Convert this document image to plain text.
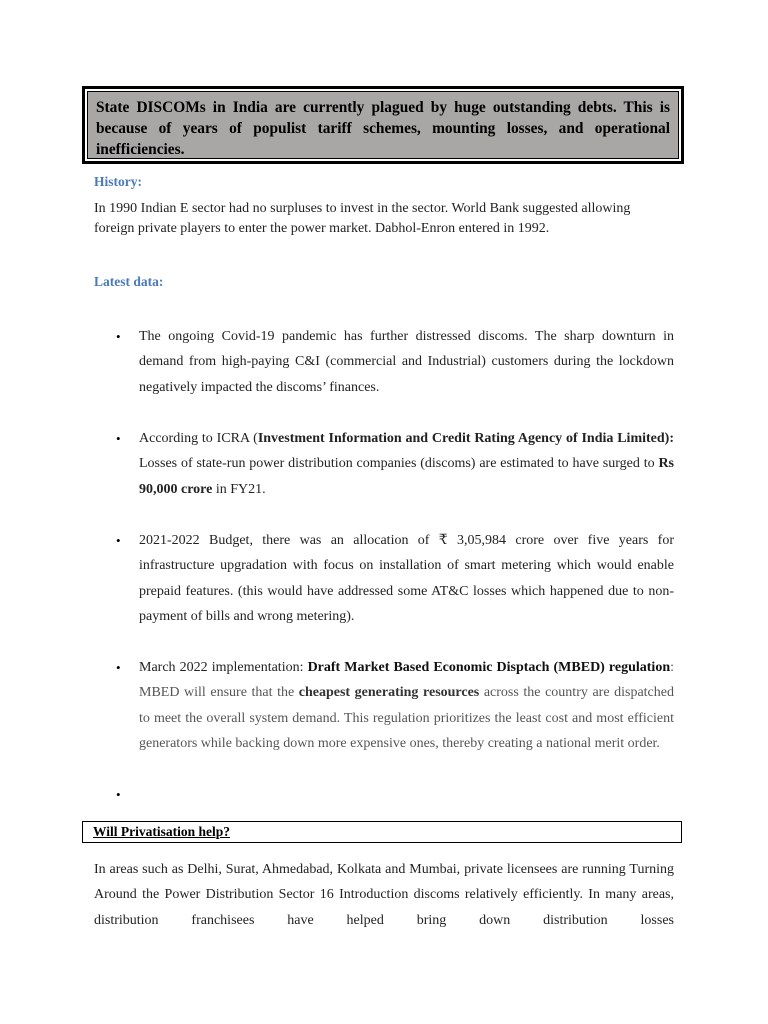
State DISCOMs in India are currently plagued by huge outstanding debts. This is because of years of populist tariff schemes, mounting losses, and operational inefficiencies.

History:

In 1990 Indian E sector had no surpluses to invest in the sector. World Bank suggested allowing foreign private players to enter the power market. Dabhol-Enron entered in 1992.

Latest data:

• The ongoing Covid-19 pandemic has further distressed discoms. The sharp downturn in demand from high-paying C&I (commercial and Industrial) customers during the lockdown negatively impacted the discoms’ finances.

• According to ICRA (Investment Information and Credit Rating Agency of India Limited): Losses of state-run power distribution companies (discoms) are estimated to have surged to Rs 90,000 crore in FY21.

• 2021-2022 Budget, there was an allocation of ₹ 3,05,984 crore over five years for infrastructure upgradation with focus on installation of smart metering which would enable prepaid features. (this would have addressed some AT&C losses which happened due to non-payment of bills and wrong metering).

• March 2022 implementation: Draft Market Based Economic Disptach (MBED) regulation: MBED will ensure that the cheapest generating resources across the country are dispatched to meet the overall system demand. This regulation prioritizes the least cost and most efficient generators while backing down more expensive ones, thereby creating a national merit order.

•

Will Privatisation help?

In areas such as Delhi, Surat, Ahmedabad, Kolkata and Mumbai, private licensees are running Turning Around the Power Distribution Sector 16 Introduction discoms relatively efficiently. In many areas, distribution franchisees have helped bring down distribution losses
